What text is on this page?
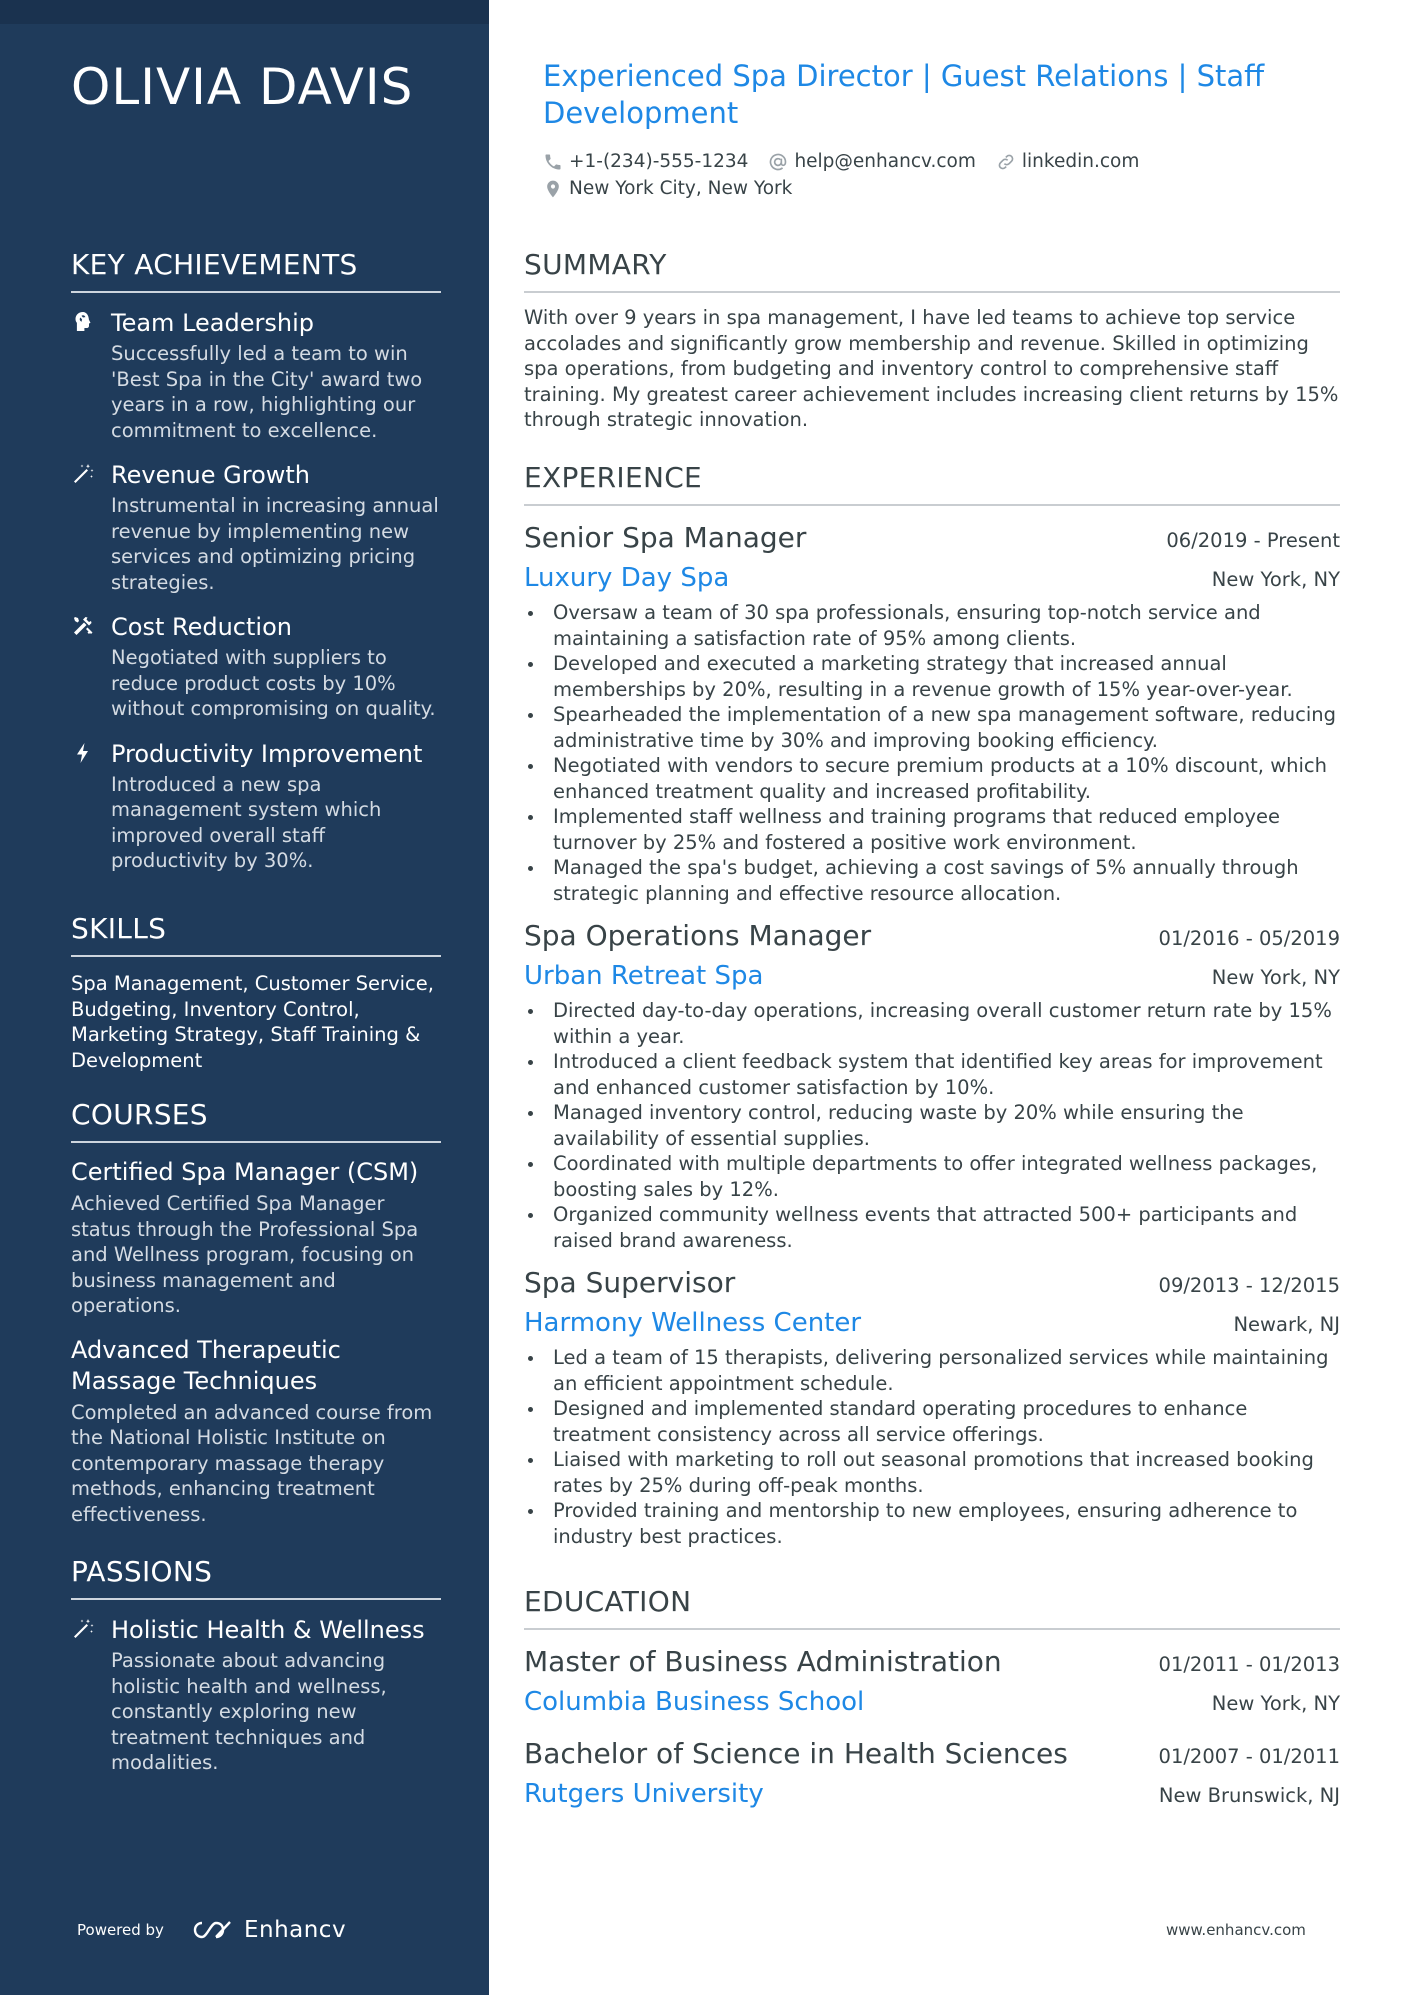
OLIVIA DAVIS
KEY ACHIEVEMENTS
Team Leadership
Successfully led a team to win 'Best Spa in the City' award two years in a row, highlighting our commitment to excellence.
Revenue Growth
Instrumental in increasing annual revenue by implementing new services and optimizing pricing strategies.
Cost Reduction
Negotiated with suppliers to reduce product costs by 10% without compromising on quality.
Productivity Improvement
Introduced a new spa management system which improved overall staff productivity by 30%.
SKILLS
Spa Management, Customer Service, Budgeting, Inventory Control, Marketing Strategy, Staff Training & Development
COURSES
Certified Spa Manager (CSM)
Achieved Certified Spa Manager status through the Professional Spa and Wellness program, focusing on business management and operations.
Advanced Therapeutic Massage Techniques
Completed an advanced course from the National Holistic Institute on contemporary massage therapy methods, enhancing treatment effectiveness.
PASSIONS
Holistic Health & Wellness
Passionate about advancing holistic health and wellness, constantly exploring new treatment techniques and modalities.
Powered by	Enhancv
Experienced Spa Director | Guest Relations | Staff Development
+1-(234)-555-1234 help@enhancv.com linkedin.com
New York City, New York
SUMMARY
With over 9 years in spa management, I have led teams to achieve top service accolades and significantly grow membership and revenue. Skilled in optimizing spa operations, from budgeting and inventory control to comprehensive staff training. My greatest career achievement includes increasing client returns by 15% through strategic innovation.
EXPERIENCE
Senior Spa Manager	06/2019 - Present
Luxury Day Spa	New York, NY
Oversaw a team of 30 spa professionals, ensuring top-notch service and maintaining a satisfaction rate of 95% among clients.
Developed and executed a marketing strategy that increased annual memberships by 20%, resulting in a revenue growth of 15% year-over-year.
Spearheaded the implementation of a new spa management software, reducing administrative time by 30% and improving booking efficiency.
Negotiated with vendors to secure premium products at a 10% discount, which enhanced treatment quality and increased profitability.
Implemented staff wellness and training programs that reduced employee turnover by 25% and fostered a positive work environment.
Managed the spa's budget, achieving a cost savings of 5% annually through strategic planning and effective resource allocation.
Spa Operations Manager	01/2016 - 05/2019
Urban Retreat Spa	New York, NY
Directed day-to-day operations, increasing overall customer return rate by 15% within a year.
Introduced a client feedback system that identified key areas for improvement and enhanced customer satisfaction by 10%.
Managed inventory control, reducing waste by 20% while ensuring the availability of essential supplies.
Coordinated with multiple departments to offer integrated wellness packages, boosting sales by 12%.
Organized community wellness events that attracted 500+ participants and raised brand awareness.
Spa Supervisor	09/2013 - 12/2015
Harmony Wellness Center	Newark, NJ
Led a team of 15 therapists, delivering personalized services while maintaining an efficient appointment schedule.
Designed and implemented standard operating procedures to enhance treatment consistency across all service offerings.
Liaised with marketing to roll out seasonal promotions that increased booking rates by 25% during off-peak months.
Provided training and mentorship to new employees, ensuring adherence to industry best practices.
EDUCATION
Master of Business Administration	01/2011 - 01/2013
Columbia Business School	New York, NY
Bachelor of Science in Health Sciences	01/2007 - 01/2011
Rutgers University	New Brunswick, NJ
www.enhancv.com
